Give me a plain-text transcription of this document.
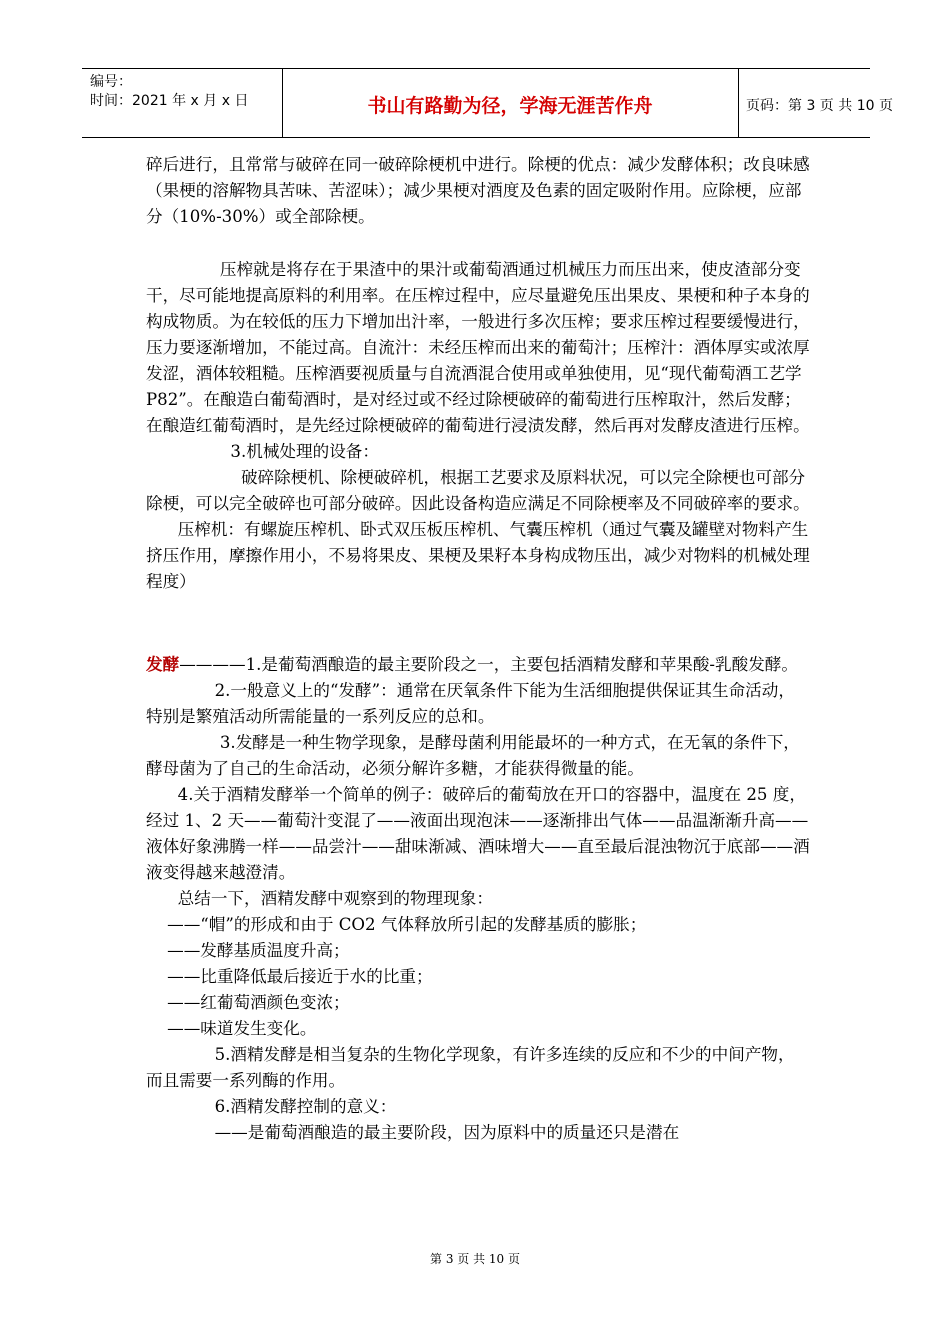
编号：
时间：2021 年 x 月 x 日	书山有路勤为径，学海无涯苦作舟	页码：第 3 页 共 10 页

碎后进行，且常常与破碎在同一破碎除梗机中进行。除梗的优点：减少发酵体积；改良味感（果梗的溶解物具苦味、苦涩味）；减少果梗对酒度及色素的固定吸附作用。应除梗，应部分（10%-30%）或全部除梗。

压榨就是将存在于果渣中的果汁或葡萄酒通过机械压力而压出来，使皮渣部分变干，尽可能地提高原料的利用率。在压榨过程中，应尽量避免压出果皮、果梗和种子本身的构成物质。为在较低的压力下增加出汁率，一般进行多次压榨；要求压榨过程要缓慢进行，压力要逐渐增加，不能过高。自流汁：未经压榨而出来的葡萄汁；压榨汁：酒体厚实或浓厚发涩，酒体较粗糙。压榨酒要视质量与自流酒混合使用或单独使用，见“现代葡萄酒工艺学 P82”。在酿造白葡萄酒时，是对经过或不经过除梗破碎的葡萄进行压榨取汁，然后发酵；在酿造红葡萄酒时，是先经过除梗破碎的葡萄进行浸渍发酵，然后再对发酵皮渣进行压榨。

3.机械处理的设备：

破碎除梗机、除梗破碎机，根据工艺要求及原料状况，可以完全除梗也可部分除梗，可以完全破碎也可部分破碎。因此设备构造应满足不同除梗率及不同破碎率的要求。

压榨机：有螺旋压榨机、卧式双压板压榨机、气囊压榨机（通过气囊及罐壁对物料产生挤压作用，摩擦作用小，不易将果皮、果梗及果籽本身构成物压出，减少对物料的机械处理程度）

发酵————1.是葡萄酒酿造的最主要阶段之一，主要包括酒精发酵和苹果酸-乳酸发酵。

2.一般意义上的“发酵”：通常在厌氧条件下能为生活细胞提供保证其生命活动，特别是繁殖活动所需能量的一系列反应的总和。

3.发酵是一种生物学现象，是酵母菌利用能最坏的一种方式，在无氧的条件下，酵母菌为了自己的生命活动，必须分解许多糖，才能获得微量的能。

4.关于酒精发酵举一个简单的例子：破碎后的葡萄放在开口的容器中，温度在 25 度，经过 1、2 天——葡萄汁变混了——液面出现泡沫——逐渐排出气体——品温渐渐升高——液体好象沸腾一样——品尝汁——甜味渐减、酒味增大——直至最后混浊物沉于底部——酒液变得越来越澄清。

总结一下，酒精发酵中观察到的物理现象：

——“帽”的形成和由于 CO2 气体释放所引起的发酵基质的膨胀；

——发酵基质温度升高；

——比重降低最后接近于水的比重；

——红葡萄酒颜色变浓；

——味道发生变化。

5.酒精发酵是相当复杂的生物化学现象，有许多连续的反应和不少的中间产物，而且需要一系列酶的作用。

6.酒精发酵控制的意义：

——是葡萄酒酿造的最主要阶段，因为原料中的质量还只是潜在

第 3 页 共 10 页
